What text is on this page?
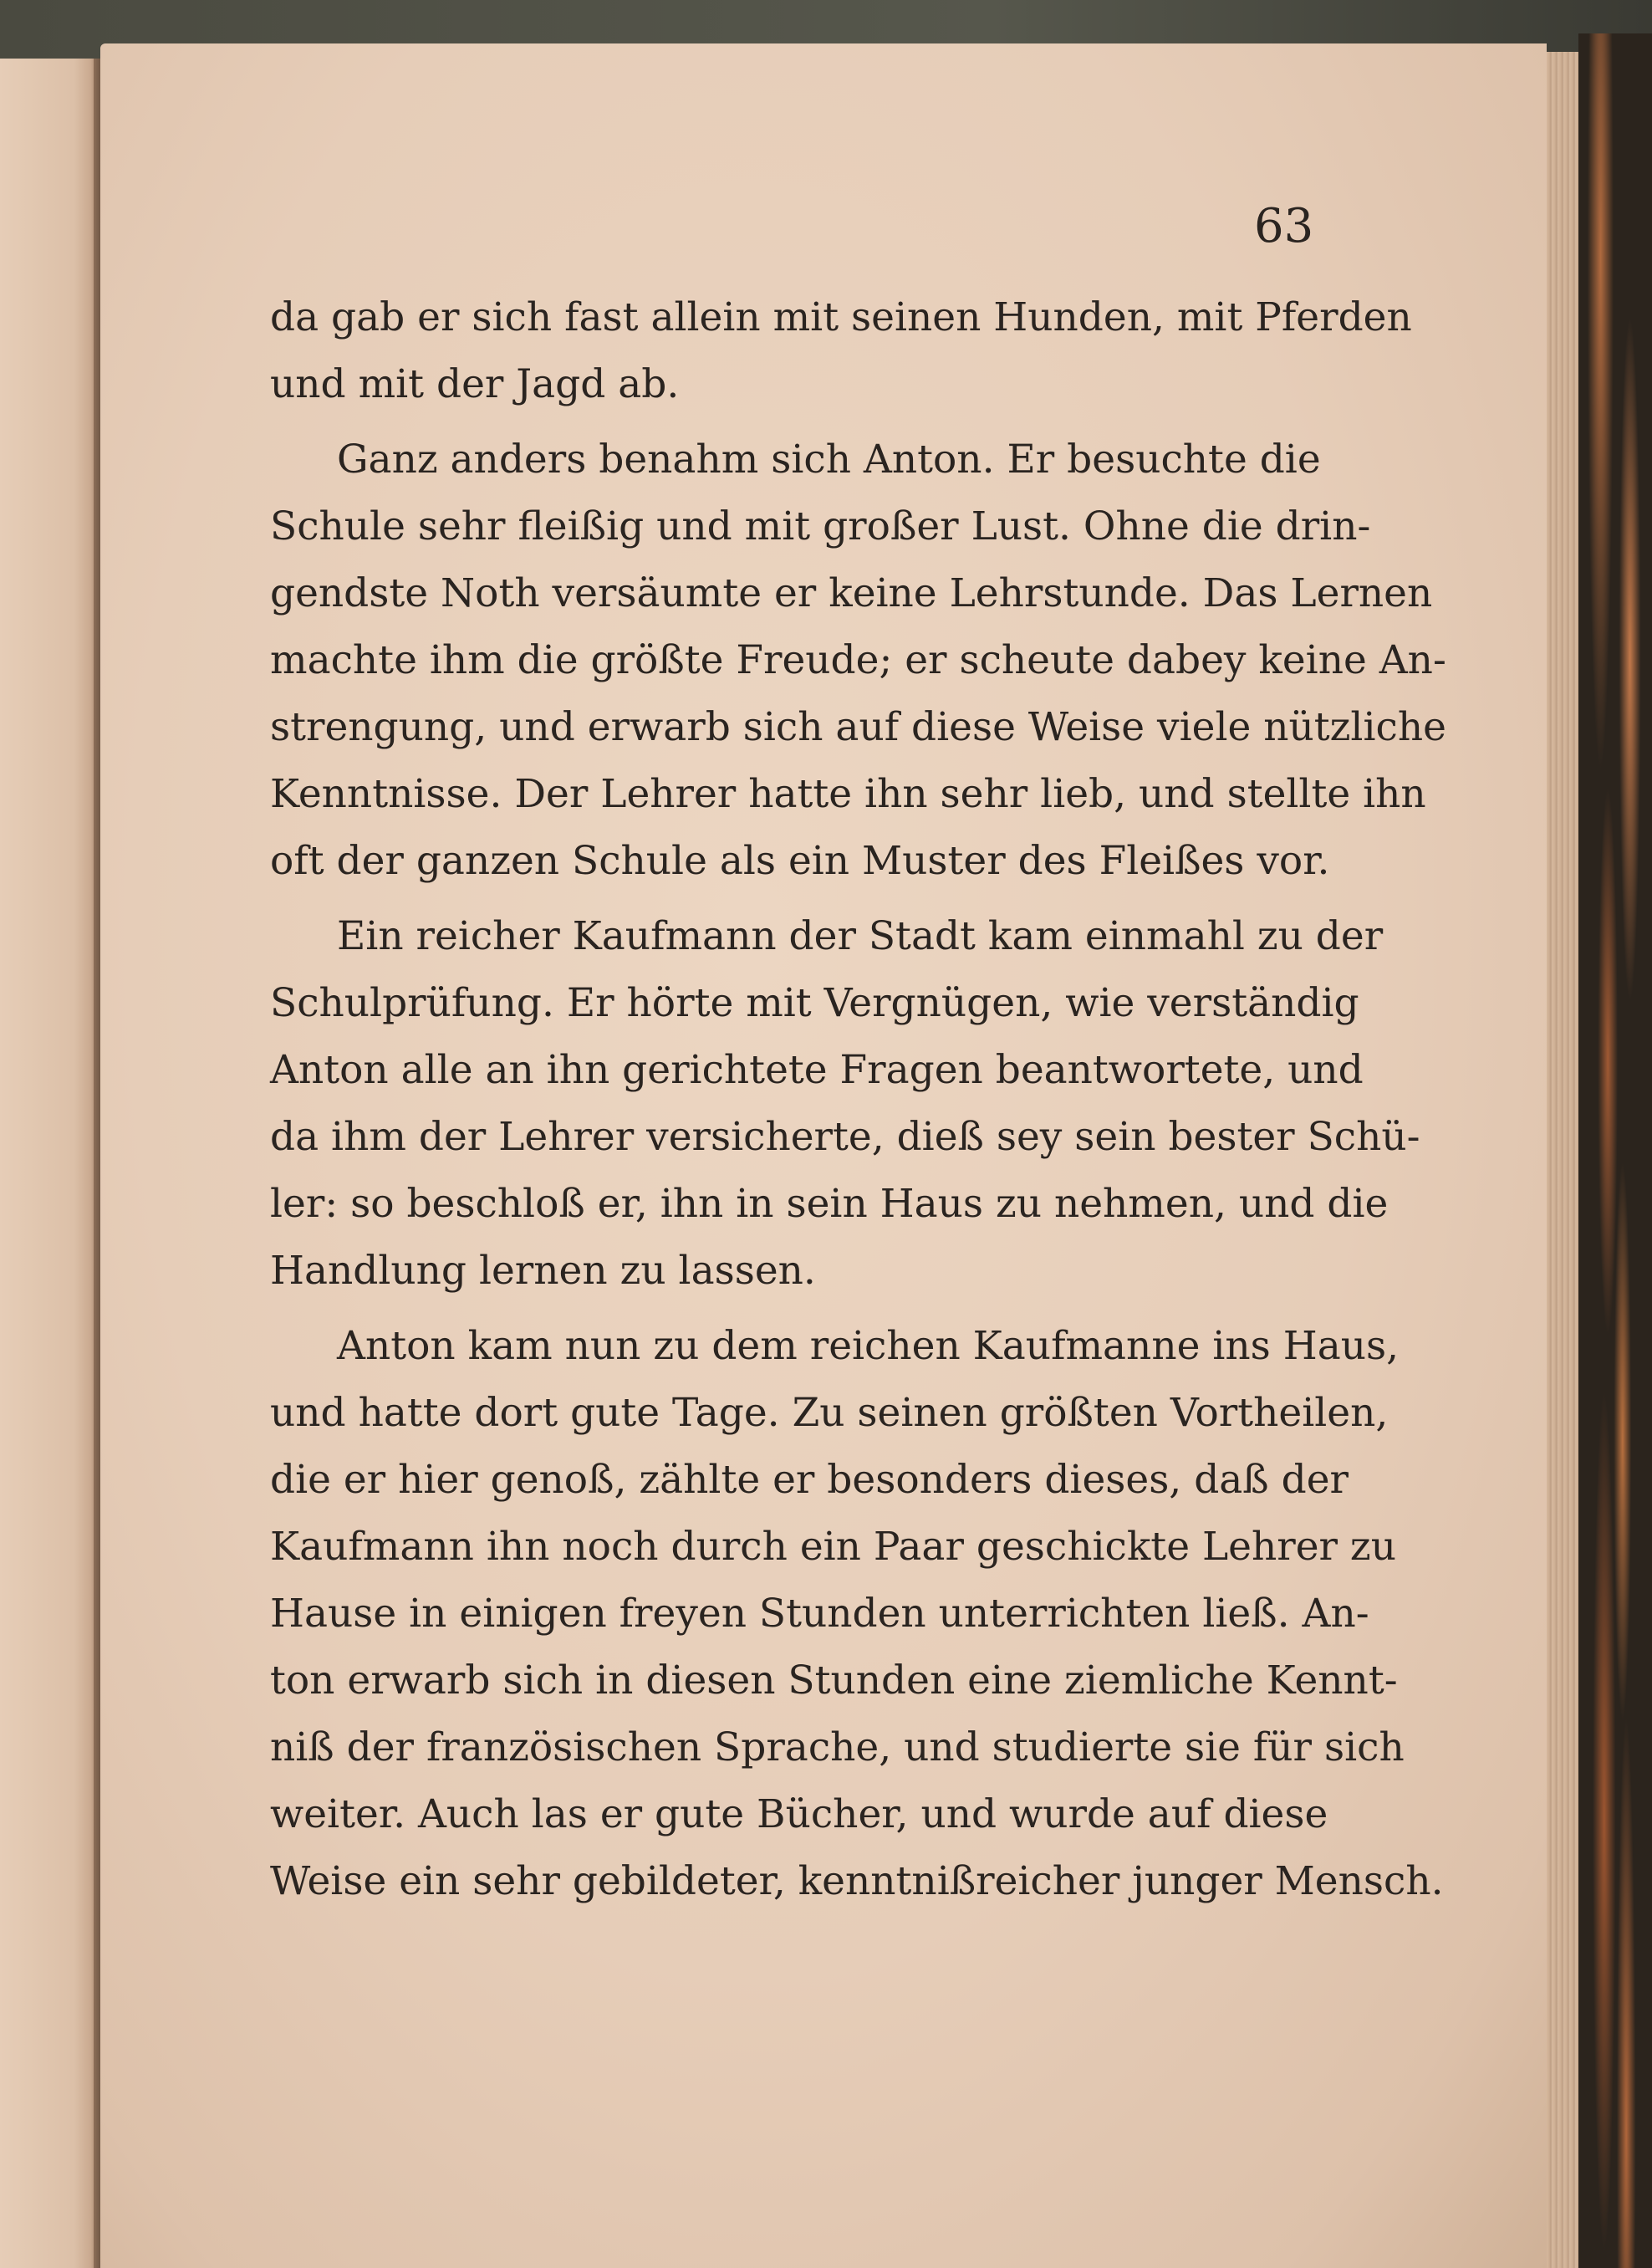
63
da gab er sich fast allein mit seinen Hunden, mit Pferden
und mit der Jagd ab.
Ganz anders benahm sich Anton. Er besuchte die
Schule sehr fleißig und mit großer Lust. Ohne die drin-
gendste Noth versäumte er keine Lehrstunde. Das Lernen
machte ihm die größte Freude; er scheute dabey keine An-
strengung, und erwarb sich auf diese Weise viele nützliche
Kenntnisse. Der Lehrer hatte ihn sehr lieb, und stellte ihn
oft der ganzen Schule als ein Muster des Fleißes vor.
Ein reicher Kaufmann der Stadt kam einmahl zu der
Schulprüfung. Er hörte mit Vergnügen, wie verständig
Anton alle an ihn gerichtete Fragen beantwortete, und
da ihm der Lehrer versicherte, dieß sey sein bester Schü-
ler: so beschloß er, ihn in sein Haus zu nehmen, und die
Handlung lernen zu lassen.
Anton kam nun zu dem reichen Kaufmanne ins Haus,
und hatte dort gute Tage. Zu seinen größten Vortheilen,
die er hier genoß, zählte er besonders dieses, daß der
Kaufmann ihn noch durch ein Paar geschickte Lehrer zu
Hause in einigen freyen Stunden unterrichten ließ. An-
ton erwarb sich in diesen Stunden eine ziemliche Kennt-
niß der französischen Sprache, und studierte sie für sich
weiter. Auch las er gute Bücher, und wurde auf diese
Weise ein sehr gebildeter, kenntnißreicher junger Mensch.
